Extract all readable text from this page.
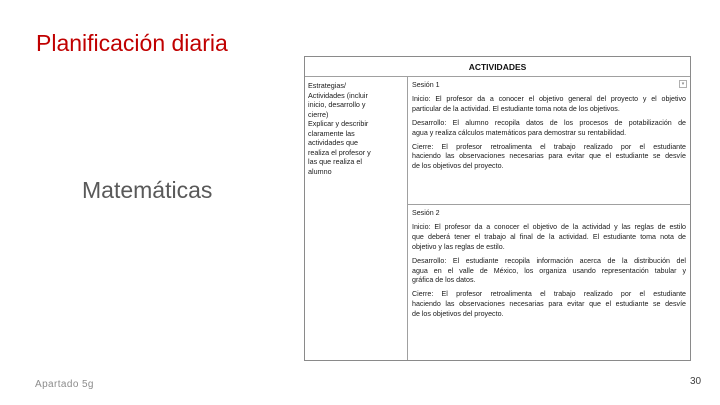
Planificación diaria
Matemáticas
ACTIVIDADES
Estrategias/
Actividades (incluir
inicio, desarrollo y
cierre)
Explicar y describir
claramente las
actividades que
realiza el profesor y
las que realiza el
alumno
▾
Sesión 1
Inicio: El profesor da a conocer el objetivo general del proyecto y el objetivo
particular de la actividad. El estudiante toma nota de los objetivos.
Desarrollo: El alumno recopila datos de los procesos de potabilización de
agua y realiza cálculos matemáticos para demostrar su rentabilidad.
Cierre: El profesor retroalimenta el trabajo realizado por el estudiante
haciendo las observaciones necesarias para evitar que el estudiante se desvíe
de los objetivos del proyecto.
Sesión 2
Inicio: El profesor da a conocer el objetivo de la actividad y las reglas de estilo
que deberá tener el trabajo al final de la actividad. El estudiante toma nota de
objetivo y las reglas de estilo.
Desarrollo: El estudiante recopila información acerca de la distribución del
agua en el valle de México, los organiza usando representación tabular y
gráfica de los datos.
Cierre: El profesor retroalimenta el trabajo realizado por el estudiante
haciendo las observaciones necesarias para evitar que el estudiante se desvíe
de los objetivos del proyecto.
Apartado 5g	30
